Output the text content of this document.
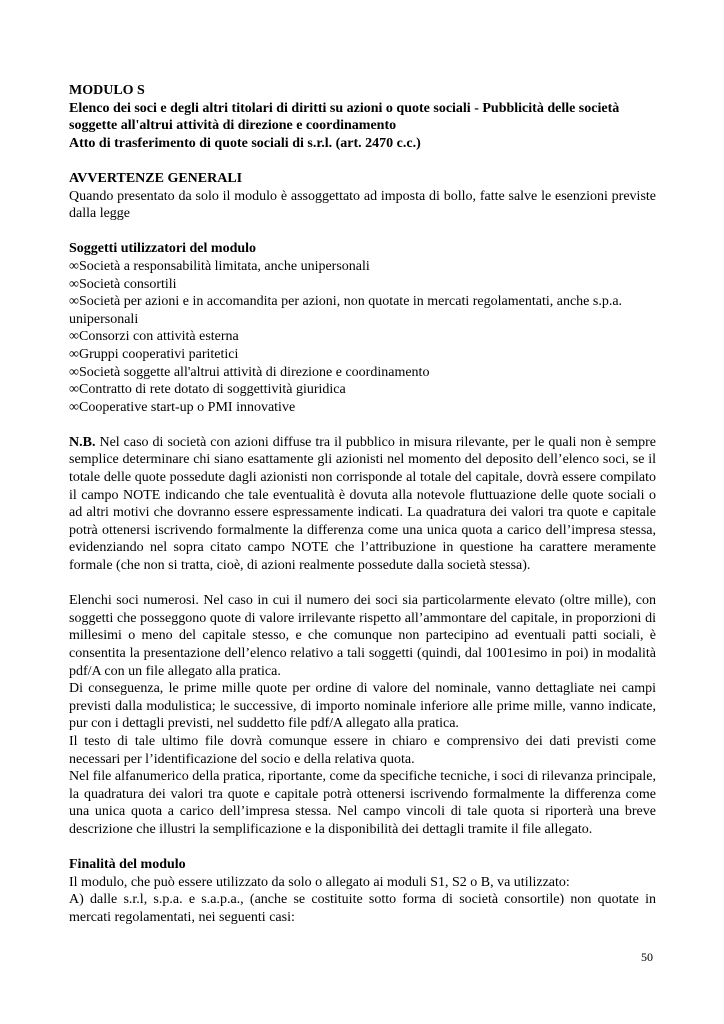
MODULO S
Elenco dei soci e degli altri titolari di diritti su azioni o quote sociali - Pubblicità delle società soggette all'altrui attività di direzione e coordinamento
Atto di trasferimento di quote sociali di s.r.l. (art. 2470 c.c.)
AVVERTENZE GENERALI
Quando presentato da solo il modulo è assoggettato ad imposta di bollo, fatte salve le esenzioni previste dalla legge
Soggetti utilizzatori del modulo
∞Società a responsabilità limitata, anche unipersonali
∞Società consortili
∞Società per azioni e in accomandita per azioni, non quotate in mercati regolamentati, anche s.p.a. unipersonali
∞Consorzi con attività esterna
∞Gruppi cooperativi paritetici
∞Società soggette all'altrui attività di direzione e coordinamento
∞Contratto di rete dotato di soggettività giuridica
∞Cooperative start-up o PMI innovative
N.B. Nel caso di società con azioni diffuse tra il pubblico in misura rilevante, per le quali non è sempre semplice determinare chi siano esattamente gli azionisti nel momento del deposito dell’elenco soci, se il totale delle quote possedute dagli azionisti non corrisponde al totale del capitale, dovrà essere compilato il campo NOTE indicando che tale eventualità è dovuta alla notevole fluttuazione delle quote sociali o ad altri motivi che dovranno essere espressamente indicati. La quadratura dei valori tra quote e capitale potrà ottenersi iscrivendo formalmente la differenza come una unica quota a carico dell’impresa stessa, evidenziando nel sopra citato campo NOTE che l’attribuzione in questione ha carattere meramente formale (che non si tratta, cioè, di azioni realmente possedute dalla società stessa).
Elenchi soci numerosi. Nel caso in cui il numero dei soci sia particolarmente elevato (oltre mille), con soggetti che posseggono quote di valore irrilevante rispetto all’ammontare del capitale, in proporzioni di millesimi o meno del capitale stesso, e che comunque non partecipino ad eventuali patti sociali, è consentita la presentazione dell’elenco relativo a tali soggetti (quindi, dal 1001esimo in poi) in modalità pdf/A con un file allegato alla pratica.
Di conseguenza, le prime mille quote per ordine di valore del nominale, vanno dettagliate nei campi previsti dalla modulistica; le successive, di importo nominale inferiore alle prime mille, vanno indicate, pur con i dettagli previsti, nel suddetto file pdf/A allegato alla pratica.
Il testo di tale ultimo file dovrà comunque essere in chiaro e comprensivo dei dati previsti come necessari per l’identificazione del socio e della relativa quota.
Nel file alfanumerico della pratica, riportante, come da specifiche tecniche, i soci di rilevanza principale, la quadratura dei valori tra quote e capitale potrà ottenersi iscrivendo formalmente la differenza come una unica quota a carico dell’impresa stessa. Nel campo vincoli di tale quota si riporterà una breve descrizione che illustri la semplificazione e la disponibilità dei dettagli tramite il file allegato.
Finalità del modulo
Il modulo, che può essere utilizzato da solo o allegato ai moduli S1, S2 o B, va utilizzato:
A) dalle s.r.l, s.p.a. e s.a.p.a., (anche se costituite sotto forma di società consortile) non quotate in mercati regolamentati, nei seguenti casi:
50
